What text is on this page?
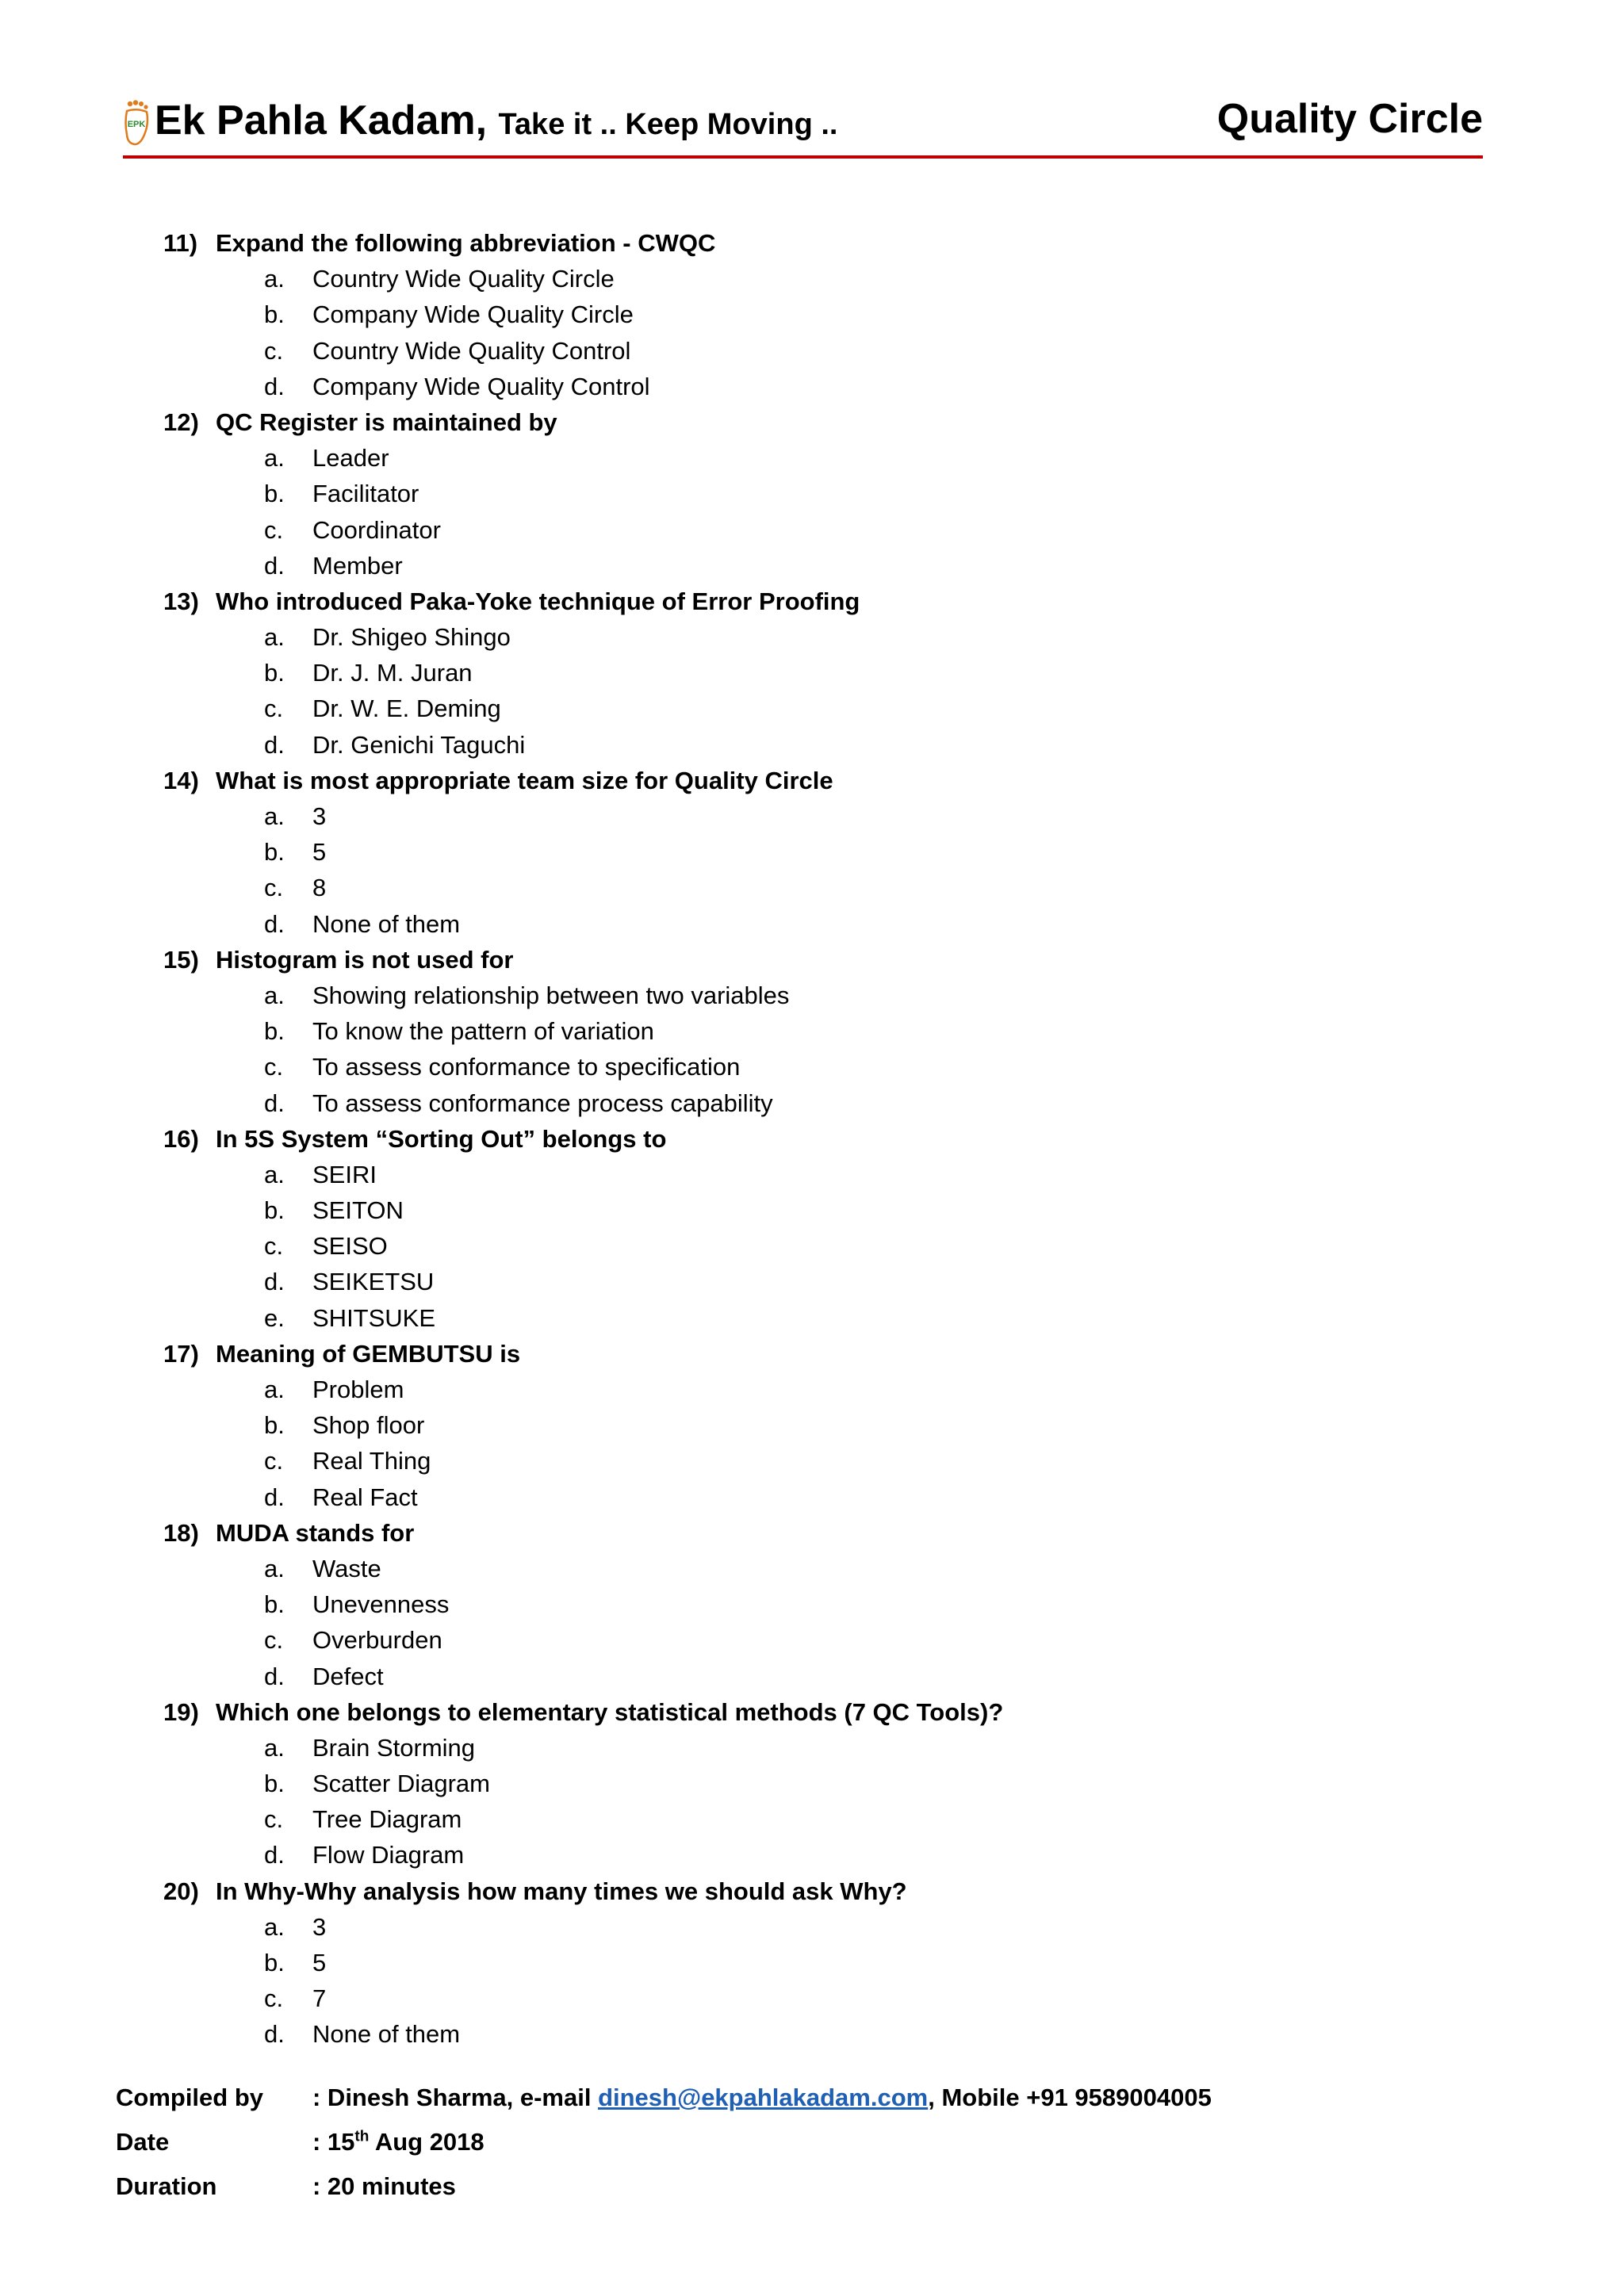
EPK Ek Pahla Kadam, Take it .. Keep Moving ..	Quality Circle
11) Expand the following abbreviation - CWQC
a. Country Wide Quality Circle
b. Company Wide Quality Circle
c. Country Wide Quality Control
d. Company Wide Quality Control
12) QC Register is maintained by
a. Leader
b. Facilitator
c. Coordinator
d. Member
13) Who introduced Paka-Yoke technique of Error Proofing
a. Dr. Shigeo Shingo
b. Dr. J. M. Juran
c. Dr. W. E. Deming
d. Dr. Genichi Taguchi
14) What is most appropriate team size for Quality Circle
a. 3
b. 5
c. 8
d. None of them
15) Histogram is not used for
a. Showing relationship between two variables
b. To know the pattern of variation
c. To assess conformance to specification
d. To assess conformance process capability
16) In 5S System “Sorting Out” belongs to
a. SEIRI
b. SEITON
c. SEISO
d. SEIKETSU
e. SHITSUKE
17) Meaning of GEMBUTSU is
a. Problem
b. Shop floor
c. Real Thing
d. Real Fact
18) MUDA stands for
a. Waste
b. Unevenness
c. Overburden
d. Defect
19) Which one belongs to elementary statistical methods (7 QC Tools)?
a. Brain Storming
b. Scatter Diagram
c. Tree Diagram
d. Flow Diagram
20) In Why-Why analysis how many times we should ask Why?
a. 3
b. 5
c. 7
d. None of them
Compiled by : Dinesh Sharma, e-mail dinesh@ekpahlakadam.com, Mobile +91 9589004005
Date	: 15th Aug 2018
Duration	: 20 minutes
